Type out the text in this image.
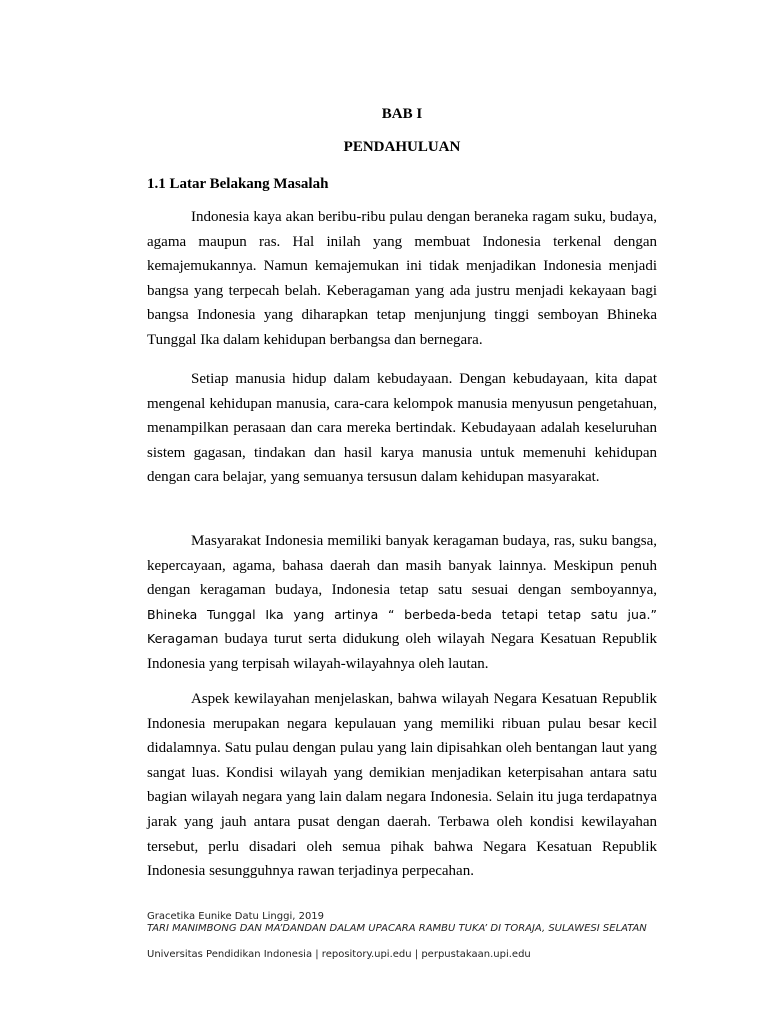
BAB I
PENDAHULUAN
1.1 Latar Belakang Masalah

Indonesia kaya akan beribu-ribu pulau dengan beraneka ragam suku, budaya, agama maupun ras. Hal inilah yang membuat Indonesia terkenal dengan kemajemukannya. Namun kemajemukan ini tidak menjadikan Indonesia menjadi bangsa yang terpecah belah. Keberagaman yang ada justru menjadi kekayaan bagi bangsa Indonesia yang diharapkan tetap menjunjung tinggi semboyan Bhineka Tunggal Ika dalam kehidupan berbangsa dan bernegara.

Setiap manusia hidup dalam kebudayaan. Dengan kebudayaan, kita dapat mengenal kehidupan manusia, cara-cara kelompok manusia menyusun pengetahuan, menampilkan perasaan dan cara mereka bertindak. Kebudayaan adalah keseluruhan sistem gagasan, tindakan dan hasil karya manusia untuk memenuhi kehidupan dengan cara belajar, yang semuanya tersusun dalam kehidupan masyarakat.

Masyarakat Indonesia memiliki banyak keragaman budaya, ras, suku bangsa, kepercayaan, agama, bahasa daerah dan masih banyak lainnya. Meskipun penuh dengan keragaman budaya, Indonesia tetap satu sesuai dengan semboyannya, Bhineka Tunggal Ika yang artinya “ berbeda-beda tetapi tetap satu jua.” Keragaman budaya turut serta didukung oleh wilayah Negara Kesatuan Republik Indonesia yang terpisah wilayah-wilayahnya oleh lautan.

Aspek kewilayahan menjelaskan, bahwa wilayah Negara Kesatuan Republik Indonesia merupakan negara kepulauan yang memiliki ribuan pulau besar kecil didalamnya. Satu pulau dengan pulau yang lain dipisahkan oleh bentangan laut yang sangat luas. Kondisi wilayah yang demikian menjadikan keterpisahan antara satu bagian wilayah negara yang lain dalam negara Indonesia. Selain itu juga terdapatnya jarak yang jauh antara pusat dengan daerah. Terbawa oleh kondisi kewilayahan tersebut, perlu disadari oleh semua pihak bahwa Negara Kesatuan Republik Indonesia sesungguhnya rawan terjadinya perpecahan.

Gracetika Eunike Datu Linggi, 2019
TARI MANIMBONG DAN MA’DANDAN DALAM UPACARA RAMBU TUKA’ DI TORAJA, SULAWESI SELATAN
Universitas Pendidikan Indonesia | repository.upi.edu | perpustakaan.upi.edu
